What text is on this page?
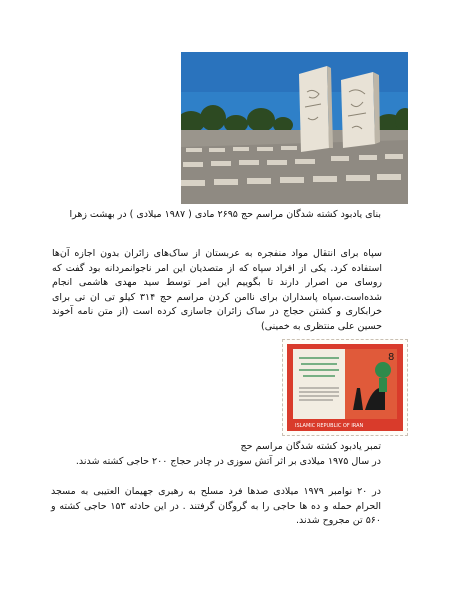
بنای یادبود کشته شدگان مراسم حج ۲۶۹۵ مادی ( ۱۹۸۷ میلادی ) در بهشت زهرا
سپاه برای انتقال مواد منفجره به عربستان از ساک‌های زائران بدون اجازه آن‌ها استفاده کرد. یکی از افراد سپاه که از متصدیان این امر ناجوانمردانه بود گفت که روسای من اصرار دارند تا بگوییم این امر توسط سید مهدی هاشمی انجام شده‌است.سپاه پاسداران برای ناامن کردن مراسم حج ۳۱۴ کیلو تی ان تی برای خرابکاری و کشتن حجاج در ساک زائران جاسازی کرده است (از متن نامه آخوند حسین علی منتظری به خمینی)
8
ISLAMIC REPUBLIC OF IRAN
تمبر یادبود کشته شدگان مراسم حج
در سال ۱۹۷۵ میلادی بر اثر آتش سوزی در چادر حجاج ۲۰۰ حاجی کشته شدند.
در ۲۰ نوامبر ۱۹۷۹ میلادی صدها فرد مسلح به رهبری جهیمان العتیبی به مسجد الحرام حمله و ده ها حاجی را به گروگان گرفتند . در این حادثه ۱۵۳ حاجی کشته و ۵۶۰ تن مجروح شدند.
